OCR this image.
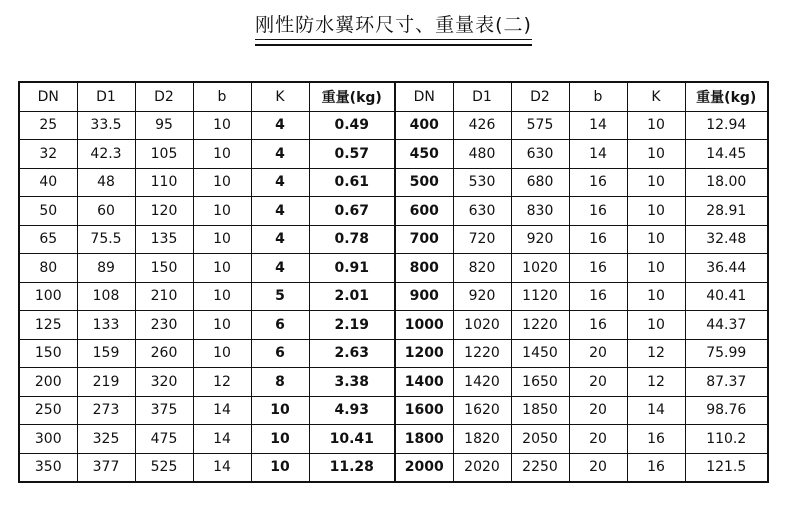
刚性防水翼环尺寸、重量表(二)
DN	D1	D2	b	K	重量(kg)	DN	D1	D2	b	K	重量(kg)
25	33.5	95	10	4	0.49	400	426	575	14	10	12.94
32	42.3	105	10	4	0.57	450	480	630	14	10	14.45
40	48	110	10	4	0.61	500	530	680	16	10	18.00
50	60	120	10	4	0.67	600	630	830	16	10	28.91
65	75.5	135	10	4	0.78	700	720	920	16	10	32.48
80	89	150	10	4	0.91	800	820	1020	16	10	36.44
100	108	210	10	5	2.01	900	920	1120	16	10	40.41
125	133	230	10	6	2.19	1000	1020	1220	16	10	44.37
150	159	260	10	6	2.63	1200	1220	1450	20	12	75.99
200	219	320	12	8	3.38	1400	1420	1650	20	12	87.37
250	273	375	14	10	4.93	1600	1620	1850	20	14	98.76
300	325	475	14	10	10.41	1800	1820	2050	20	16	110.2
350	377	525	14	10	11.28	2000	2020	2250	20	16	121.5
